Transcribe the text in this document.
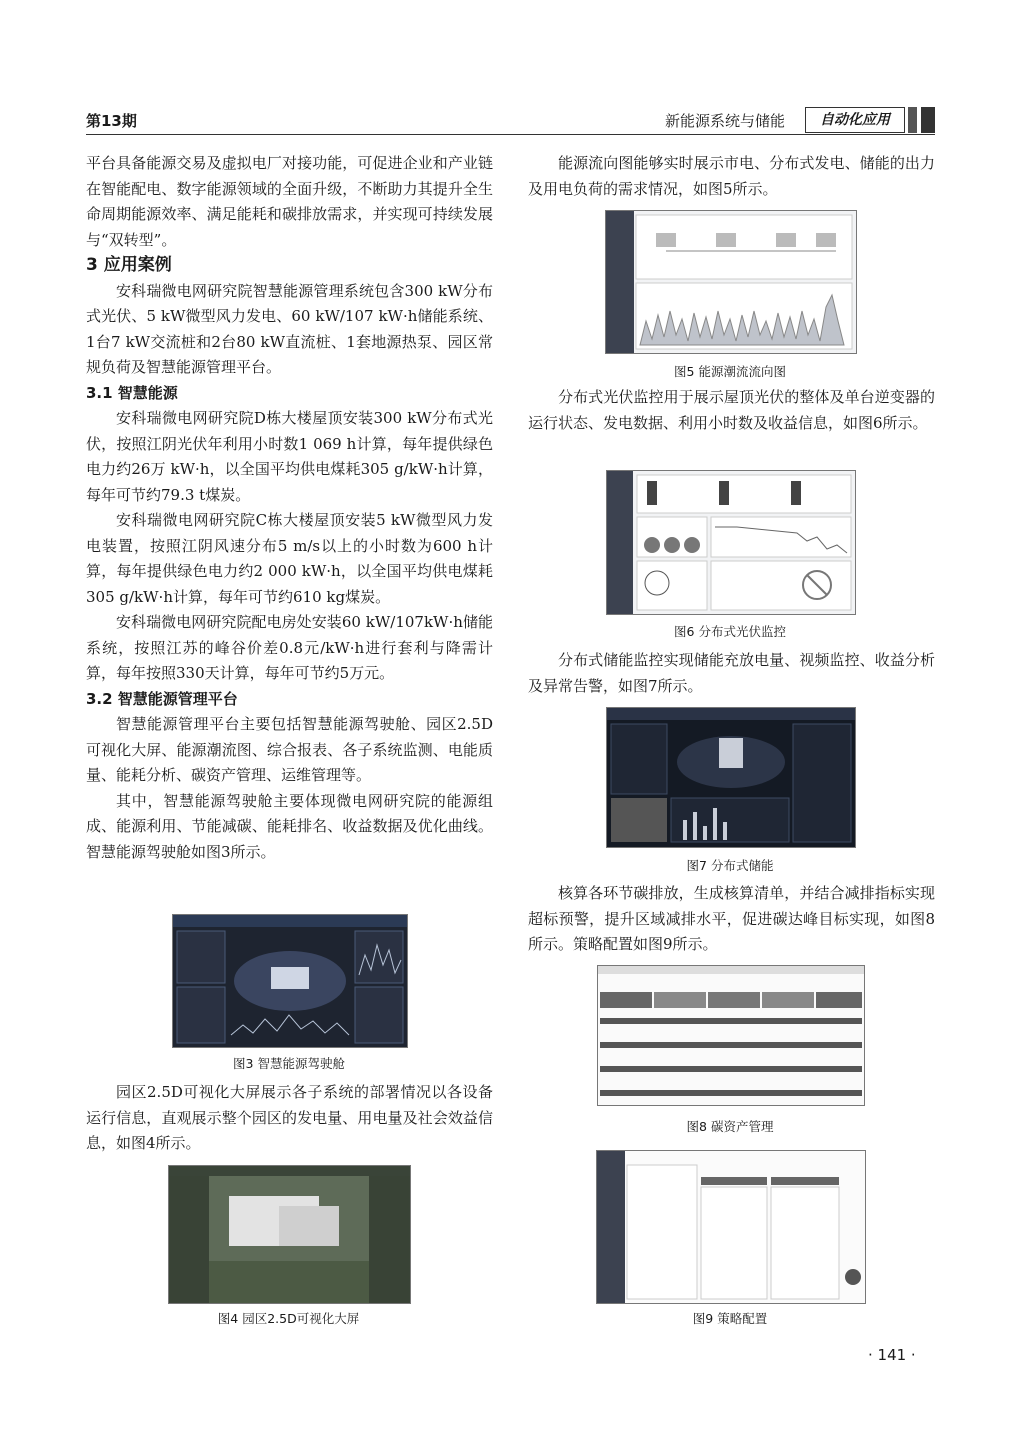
第13期	新能源系统与储能	自动化应用

平台具备能源交易及虚拟电厂对接功能，可促进企业和产业链在智能配电、数字能源领域的全面升级，不断助力其提升全生命周期能源效率、满足能耗和碳排放需求，并实现可持续发展与“双转型”。

3 应用案例

安科瑞微电网研究院智慧能源管理系统包含300 kW分布式光伏、5 kW微型风力发电、60 kW/107 kW·h储能系统、1台7 kW交流桩和2台80 kW直流桩、1套地源热泵、园区常规负荷及智慧能源管理平台。

3.1 智慧能源

安科瑞微电网研究院D栋大楼屋顶安装300 kW分布式光伏，按照江阴光伏年利用小时数1 069 h计算，每年提供绿色电力约26万 kW·h，以全国平均供电煤耗305 g/kW·h计算，每年可节约79.3 t煤炭。

安科瑞微电网研究院C栋大楼屋顶安装5 kW微型风力发电装置，按照江阴风速分布5 m/s以上的小时数为600 h计算，每年提供绿色电力约2 000 kW·h，以全国平均供电煤耗305 g/kW·h计算，每年可节约610 kg煤炭。

安科瑞微电网研究院配电房处安装60 kW/107kW·h储能系统，按照江苏的峰谷价差0.8元/kW·h进行套利与降需计算，每年按照330天计算，每年可节约5万元。

3.2 智慧能源管理平台

智慧能源管理平台主要包括智慧能源驾驶舱、园区2.5D可视化大屏、能源潮流图、综合报表、各子系统监测、电能质量、能耗分析、碳资产管理、运维管理等。

其中，智慧能源驾驶舱主要体现微电网研究院的能源组成、能源利用、节能减碳、能耗排名、收益数据及优化曲线。智慧能源驾驶舱如图3所示。

图3 智慧能源驾驶舱

园区2.5D可视化大屏展示各子系统的部署情况以各设备运行信息，直观展示整个园区的发电量、用电量及社会效益信息，如图4所示。

图4 园区2.5D可视化大屏

能源流向图能够实时展示市电、分布式发电、储能的出力及用电负荷的需求情况，如图5所示。

图5 能源潮流流向图

分布式光伏监控用于展示屋顶光伏的整体及单台逆变器的运行状态、发电数据、利用小时数及收益信息，如图6所示。

图6 分布式光伏监控

分布式储能监控实现储能充放电量、视频监控、收益分析及异常告警，如图7所示。

图7 分布式储能

核算各环节碳排放，生成核算清单，并结合减排指标实现超标预警，提升区域减排水平，促进碳达峰目标实现，如图8所示。策略配置如图9所示。

图8 碳资产管理
图9 策略配置
· 141 ·
